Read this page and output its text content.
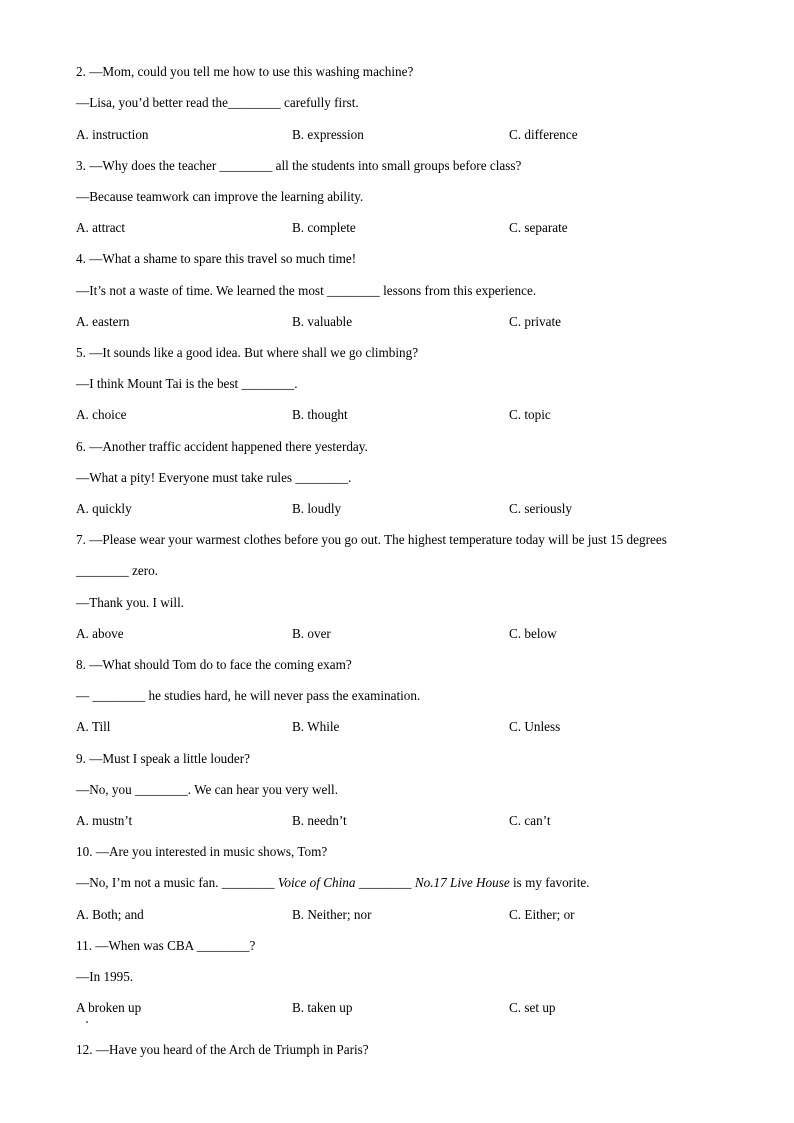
2. —Mom, could you tell me how to use this washing machine?
—Lisa, you’d better read the________ carefully first.
A. instruction	B. expression	C. difference
3. —Why does the teacher ________ all the students into small groups before class?
—Because teamwork can improve the learning ability.
A. attract	B. complete	C. separate
4. —What a shame to spare this travel so much time!
—It’s not a waste of time. We learned the most ________ lessons from this experience.
A. eastern	B. valuable	C. private
5. —It sounds like a good idea. But where shall we go climbing?
—I think Mount Tai is the best ________.
A. choice	B. thought	C. topic
6. —Another traffic accident happened there yesterday.
—What a pity! Everyone must take rules ________.
A. quickly	B. loudly	C. seriously
7. —Please wear your warmest clothes before you go out. The highest temperature today will be just 15 degrees
________ zero.
—Thank you. I will.
A. above	B. over	C. below
8. —What should Tom do to face the coming exam?
— ________ he studies hard, he will never pass the examination.
A. Till	B. While	C. Unless
9. —Must I speak a little louder?
—No, you ________. We can hear you very well.
A. mustn’t	B. needn’t	C. can’t
10. —Are you interested in music shows, Tom?
—No, I’m not a music fan. ________ Voice of China ________ No.17 Live House is my favorite.
A. Both; and	B. Neither; nor	C. Either; or
11. —When was CBA ________?
—In 1995.
A broken up	B. taken up	C. set up
12. —Have you heard of the Arch de Triumph in Paris?
